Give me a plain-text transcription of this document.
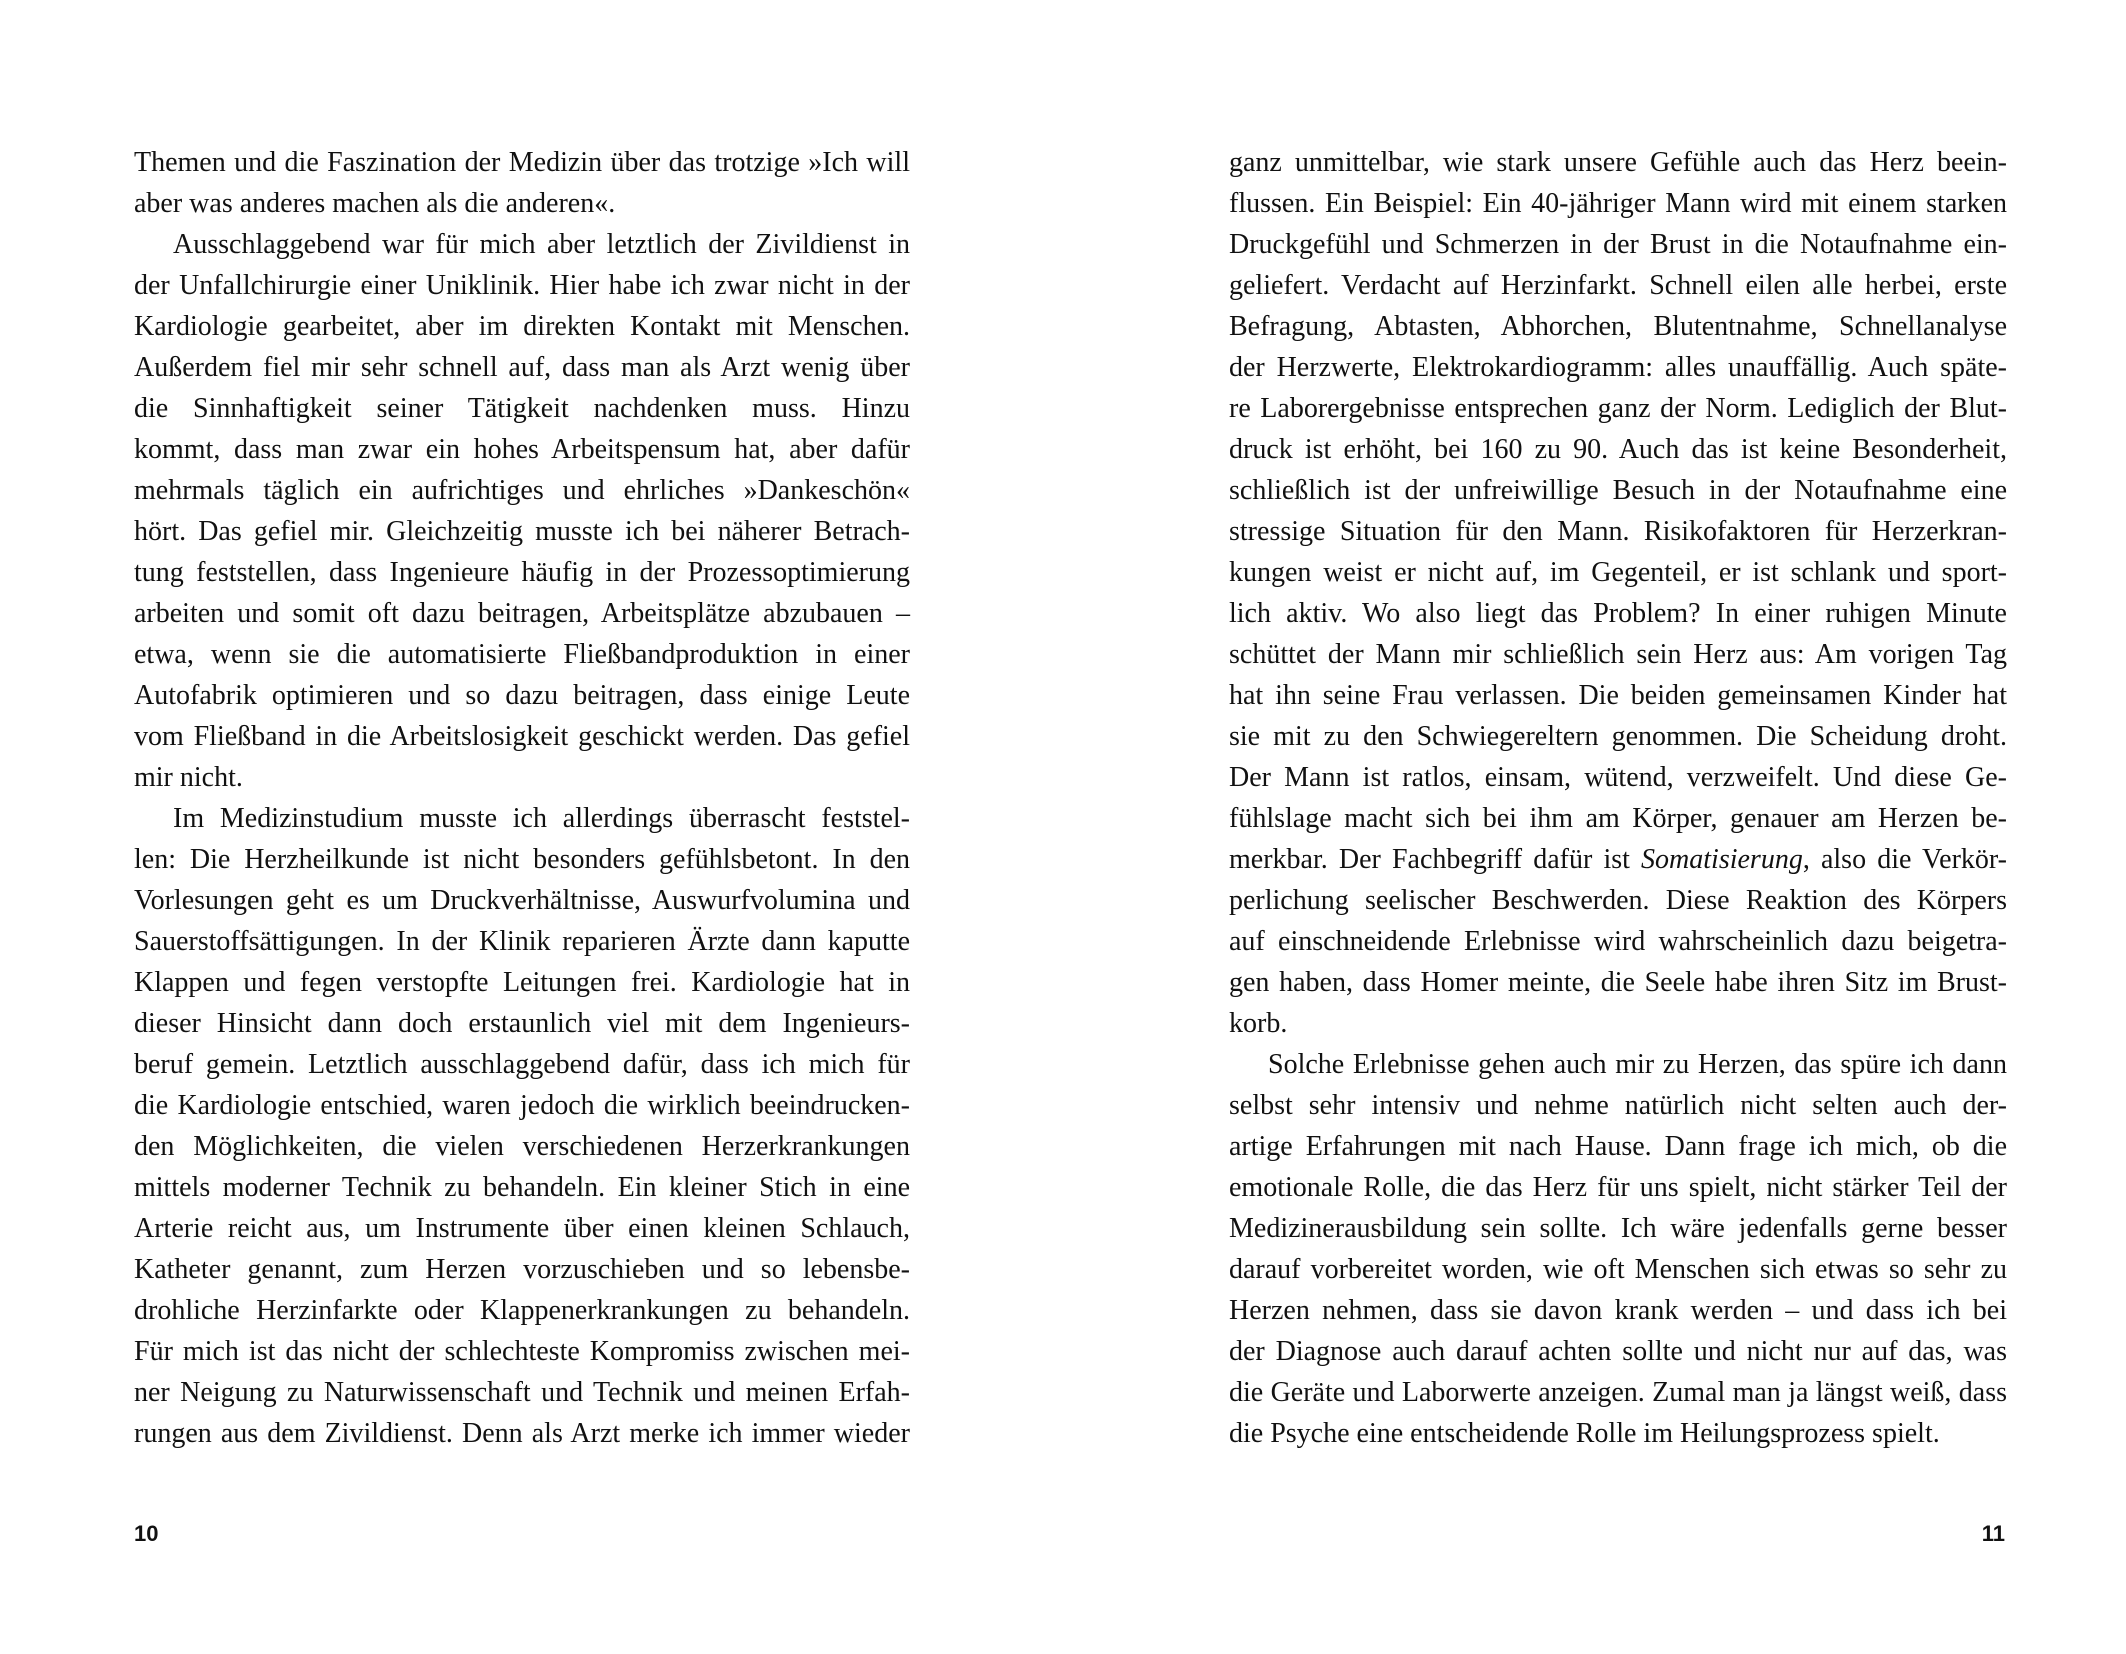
Themen und die Faszination der Medizin über das trotzige »Ich will
aber was anderes machen als die anderen«.
Ausschlaggebend war für mich aber letztlich der Zivildienst in
der Unfallchirurgie einer Uniklinik. Hier habe ich zwar nicht in der
Kardiologie gearbeitet, aber im direkten Kontakt mit Menschen.
Außerdem fiel mir sehr schnell auf, dass man als Arzt wenig über
die Sinnhaftigkeit seiner Tätigkeit nachdenken muss. Hinzu
kommt, dass man zwar ein hohes Arbeitspensum hat, aber dafür
mehrmals täglich ein aufrichtiges und ehrliches »Dankeschön«
hört. Das gefiel mir. Gleichzeitig musste ich bei näherer Betrach-
tung feststellen, dass Ingenieure häufig in der Prozessoptimierung
arbeiten und somit oft dazu beitragen, Arbeitsplätze abzubauen –
etwa, wenn sie die automatisierte Fließbandproduktion in einer
Autofabrik optimieren und so dazu beitragen, dass einige Leute
vom Fließband in die Arbeitslosigkeit geschickt werden. Das gefiel
mir nicht.
Im Medizinstudium musste ich allerdings überrascht feststel-
len: Die Herzheilkunde ist nicht besonders gefühlsbetont. In den
Vorlesungen geht es um Druckverhältnisse, Auswurfvolumina und
Sauerstoffsättigungen. In der Klinik reparieren Ärzte dann kaputte
Klappen und fegen verstopfte Leitungen frei. Kardiologie hat in
dieser Hinsicht dann doch erstaunlich viel mit dem Ingenieurs-
beruf gemein. Letztlich ausschlaggebend dafür, dass ich mich für
die Kardiologie entschied, waren jedoch die wirklich beeindrucken-
den Möglichkeiten, die vielen verschiedenen Herzerkrankungen
mittels moderner Technik zu behandeln. Ein kleiner Stich in eine
Arterie reicht aus, um Instrumente über einen kleinen Schlauch,
Katheter genannt, zum Herzen vorzuschieben und so lebensbe-
drohliche Herzinfarkte oder Klappenerkrankungen zu behandeln.
Für mich ist das nicht der schlechteste Kompromiss zwischen mei-
ner Neigung zu Naturwissenschaft und Technik und meinen Erfah-
rungen aus dem Zivildienst. Denn als Arzt merke ich immer wieder
10
ganz unmittelbar, wie stark unsere Gefühle auch das Herz beein-
flussen. Ein Beispiel: Ein 40-jähriger Mann wird mit einem starken
Druckgefühl und Schmerzen in der Brust in die Notaufnahme ein-
geliefert. Verdacht auf Herzinfarkt. Schnell eilen alle herbei, erste
Befragung, Abtasten, Abhorchen, Blutentnahme, Schnellanalyse
der Herzwerte, Elektrokardiogramm: alles unauffällig. Auch späte-
re Laborergebnisse entsprechen ganz der Norm. Lediglich der Blut-
druck ist erhöht, bei 160 zu 90. Auch das ist keine Besonderheit,
schließlich ist der unfreiwillige Besuch in der Notaufnahme eine
stressige Situation für den Mann. Risikofaktoren für Herzerkran-
kungen weist er nicht auf, im Gegenteil, er ist schlank und sport-
lich aktiv. Wo also liegt das Problem? In einer ruhigen Minute
schüttet der Mann mir schließlich sein Herz aus: Am vorigen Tag
hat ihn seine Frau verlassen. Die beiden gemeinsamen Kinder hat
sie mit zu den Schwiegereltern genommen. Die Scheidung droht.
Der Mann ist ratlos, einsam, wütend, verzweifelt. Und diese Ge-
fühlslage macht sich bei ihm am Körper, genauer am Herzen be-
merkbar. Der Fachbegriff dafür ist Somatisierung, also die Verkör-
perlichung seelischer Beschwerden. Diese Reaktion des Körpers
auf einschneidende Erlebnisse wird wahrscheinlich dazu beigetra-
gen haben, dass Homer meinte, die Seele habe ihren Sitz im Brust-
korb.
Solche Erlebnisse gehen auch mir zu Herzen, das spüre ich dann
selbst sehr intensiv und nehme natürlich nicht selten auch der-
artige Erfahrungen mit nach Hause. Dann frage ich mich, ob die
emotionale Rolle, die das Herz für uns spielt, nicht stärker Teil der
Medizinerausbildung sein sollte. Ich wäre jedenfalls gerne besser
darauf vorbereitet worden, wie oft Menschen sich etwas so sehr zu
Herzen nehmen, dass sie davon krank werden – und dass ich bei
der Diagnose auch darauf achten sollte und nicht nur auf das, was
die Geräte und Laborwerte anzeigen. Zumal man ja längst weiß, dass
die Psyche eine entscheidende Rolle im Heilungsprozess spielt.
11
